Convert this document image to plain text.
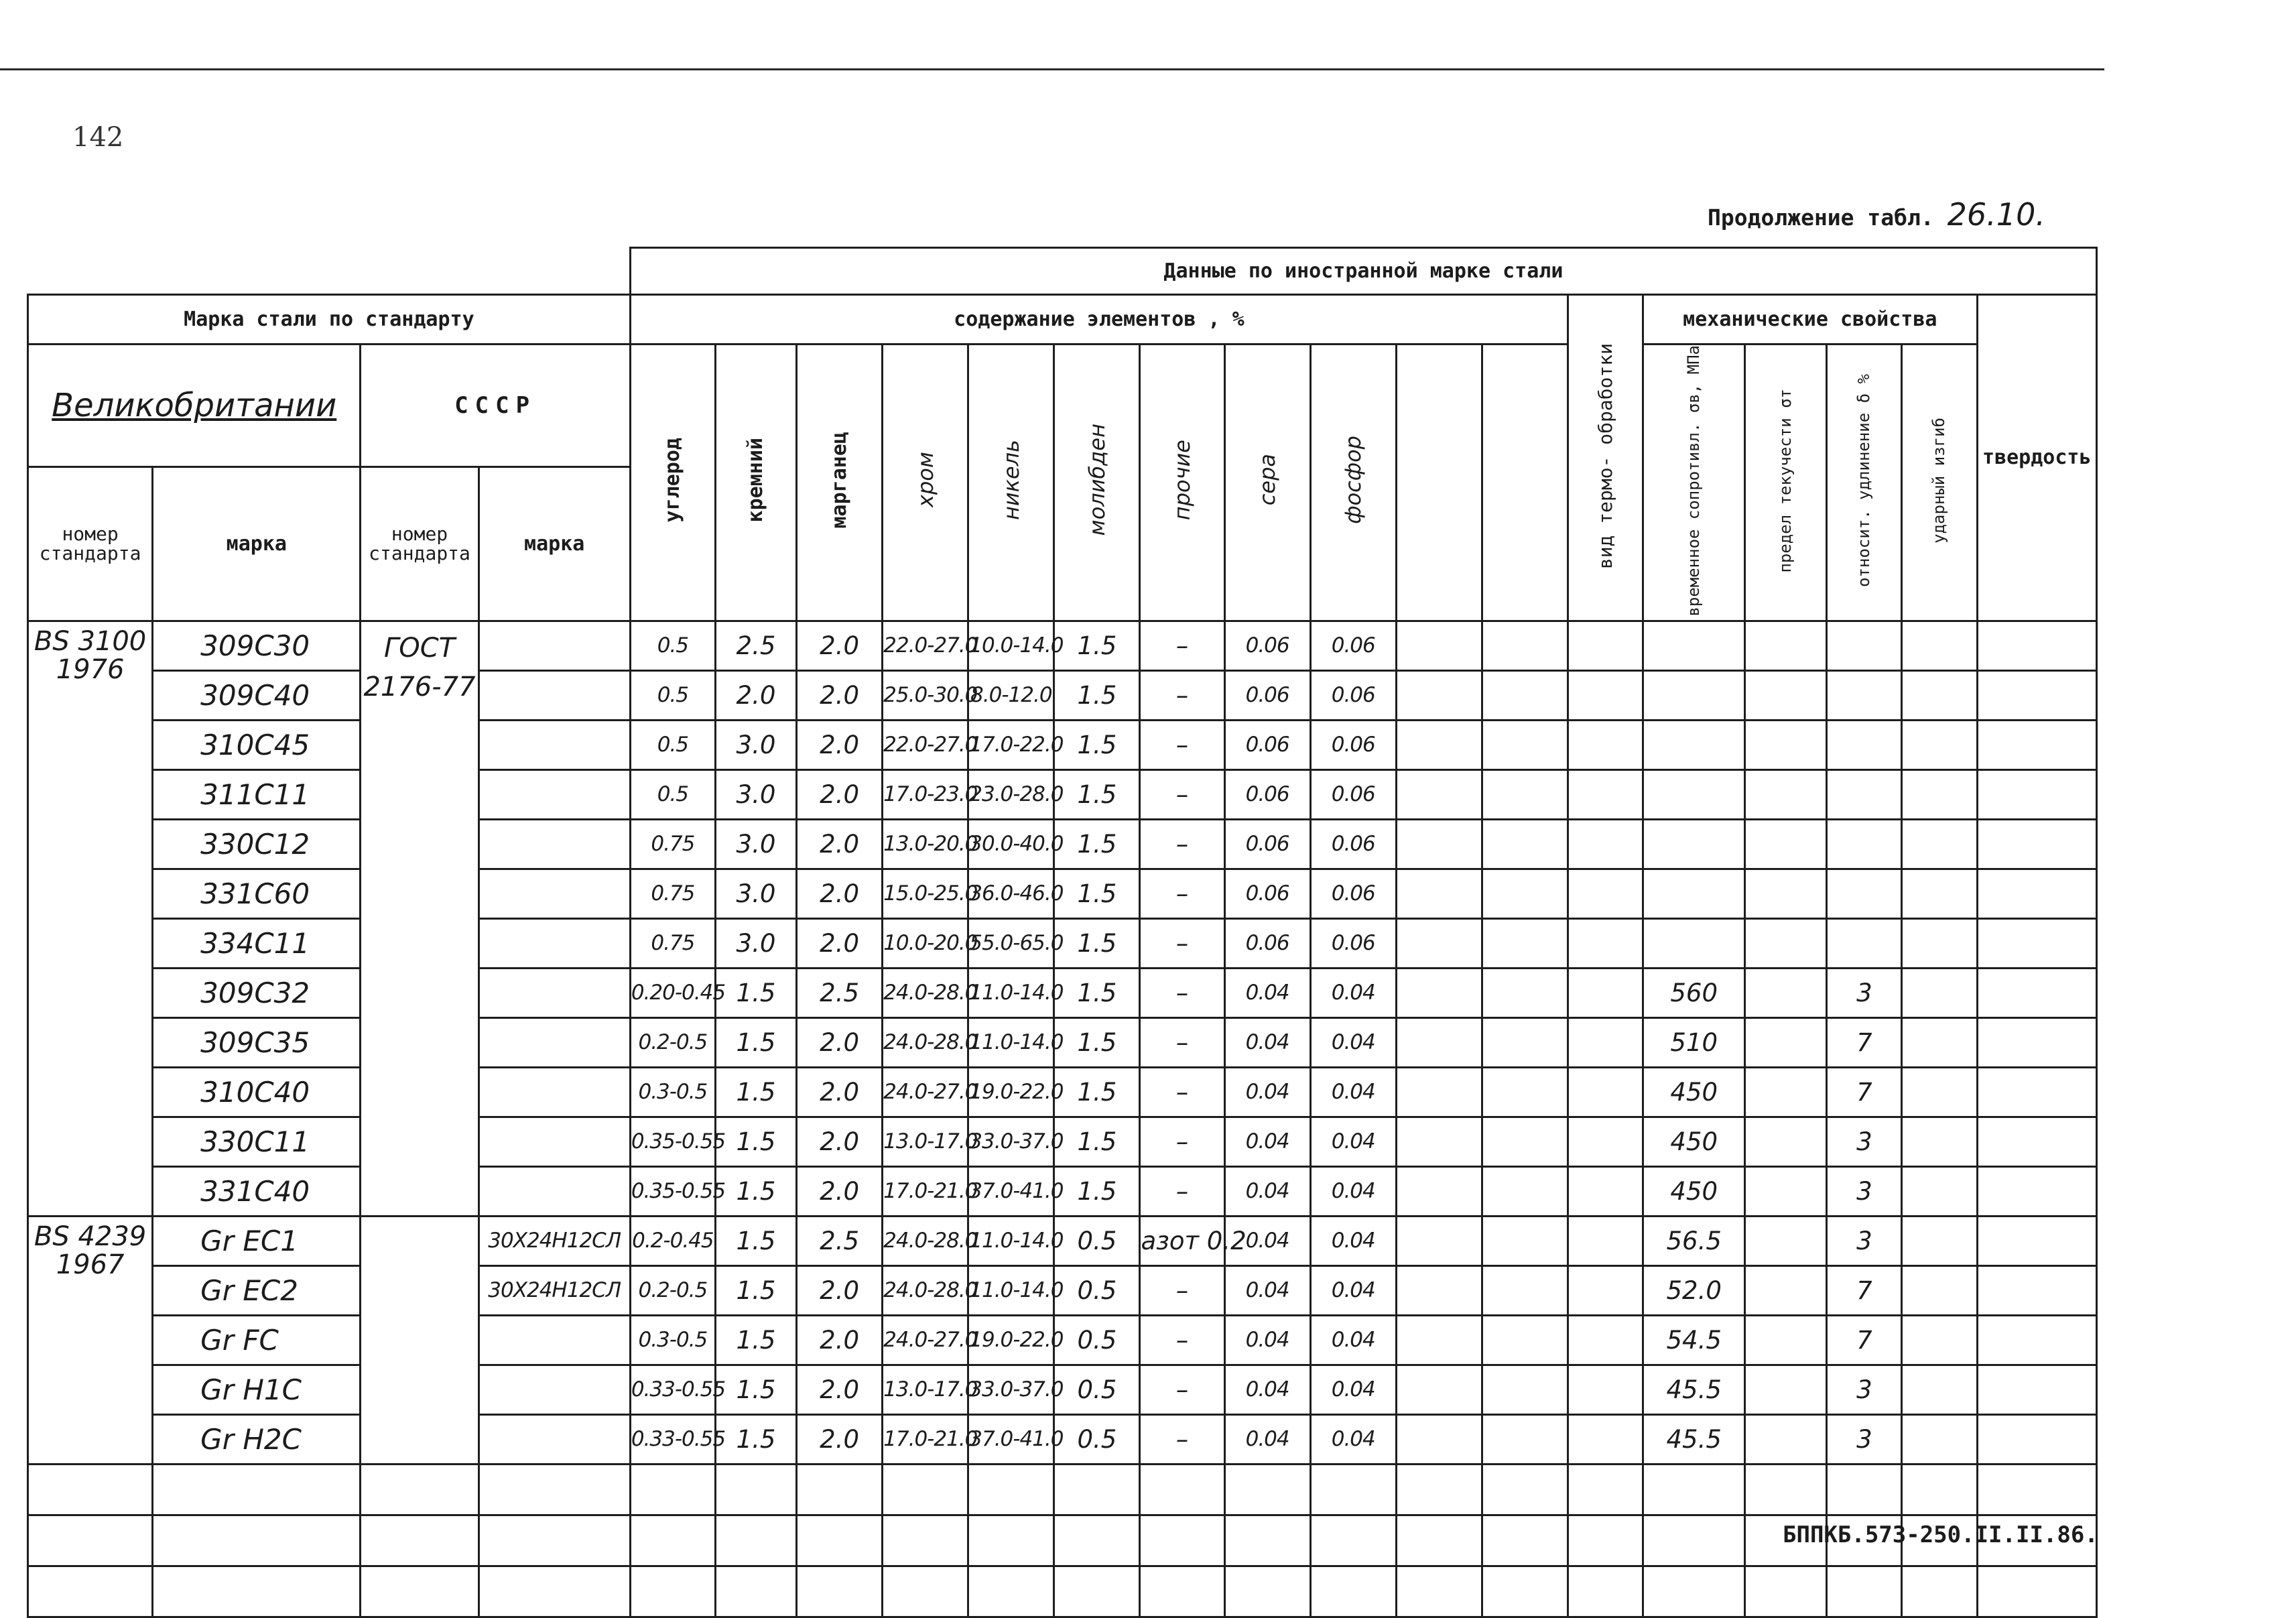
142
Продолжение табл. 26.10.
				Данные по иностранной марке стали																
Марка стали по стандарту				содержание элементов , %											вид термо- обработки	механические свойства				твердость
Великобритании		СССР		углерод	кремний	марганец	хром	никель	молибден	прочие	сера	фосфор				временное сопротивл. σв, МПа	предел текучести σт	относит. удлинение δ %	ударный изгиб	
номер стандарта	марка	номер стандарта	марка																	
BS 3100 1976	309C30	ГОСТ 2176-77		0.5	2.5	2.0	22.0-27.0	10.0-14.0	1.5	–	0.06	0.06								
	309C40			0.5	2.0	2.0	25.0-30.0	8.0-12.0	1.5	–	0.06	0.06								
	310C45			0.5	3.0	2.0	22.0-27.0	17.0-22.0	1.5	–	0.06	0.06								
	311C11			0.5	3.0	2.0	17.0-23.0	23.0-28.0	1.5	–	0.06	0.06								
	330C12			0.75	3.0	2.0	13.0-20.0	30.0-40.0	1.5	–	0.06	0.06								
	331C60			0.75	3.0	2.0	15.0-25.0	36.0-46.0	1.5	–	0.06	0.06								
	334C11			0.75	3.0	2.0	10.0-20.0	55.0-65.0	1.5	–	0.06	0.06								
	309C32			0.20-0.45	1.5	2.5	24.0-28.0	11.0-14.0	1.5	–	0.04	0.04				560		3		
	309C35			0.2-0.5	1.5	2.0	24.0-28.0	11.0-14.0	1.5	–	0.04	0.04				510		7		
	310C40			0.3-0.5	1.5	2.0	24.0-27.0	19.0-22.0	1.5	–	0.04	0.04				450		7		
	330C11			0.35-0.55	1.5	2.0	13.0-17.0	33.0-37.0	1.5	–	0.04	0.04				450		3		
	331C40			0.35-0.55	1.5	2.0	17.0-21.0	37.0-41.0	1.5	–	0.04	0.04				450		3		
BS 4239 1967	Gr EC1		30Х24Н12СЛ	0.2-0.45	1.5	2.5	24.0-28.0	11.0-14.0	0.5	азот 0.2	0.04	0.04				56.5		3		
	Gr EC2		30Х24Н12СЛ	0.2-0.5	1.5	2.0	24.0-28.0	11.0-14.0	0.5	–	0.04	0.04				52.0		7		
	Gr FC			0.3-0.5	1.5	2.0	24.0-27.0	19.0-22.0	0.5	–	0.04	0.04				54.5		7		
	Gr H1C			0.33-0.55	1.5	2.0	13.0-17.0	33.0-37.0	0.5	–	0.04	0.04				45.5		3		
	Gr H2C			0.33-0.55	1.5	2.0	17.0-21.0	37.0-41.0	0.5	–	0.04	0.04				45.5		3		

БППКБ.573-250.II.II.86.
